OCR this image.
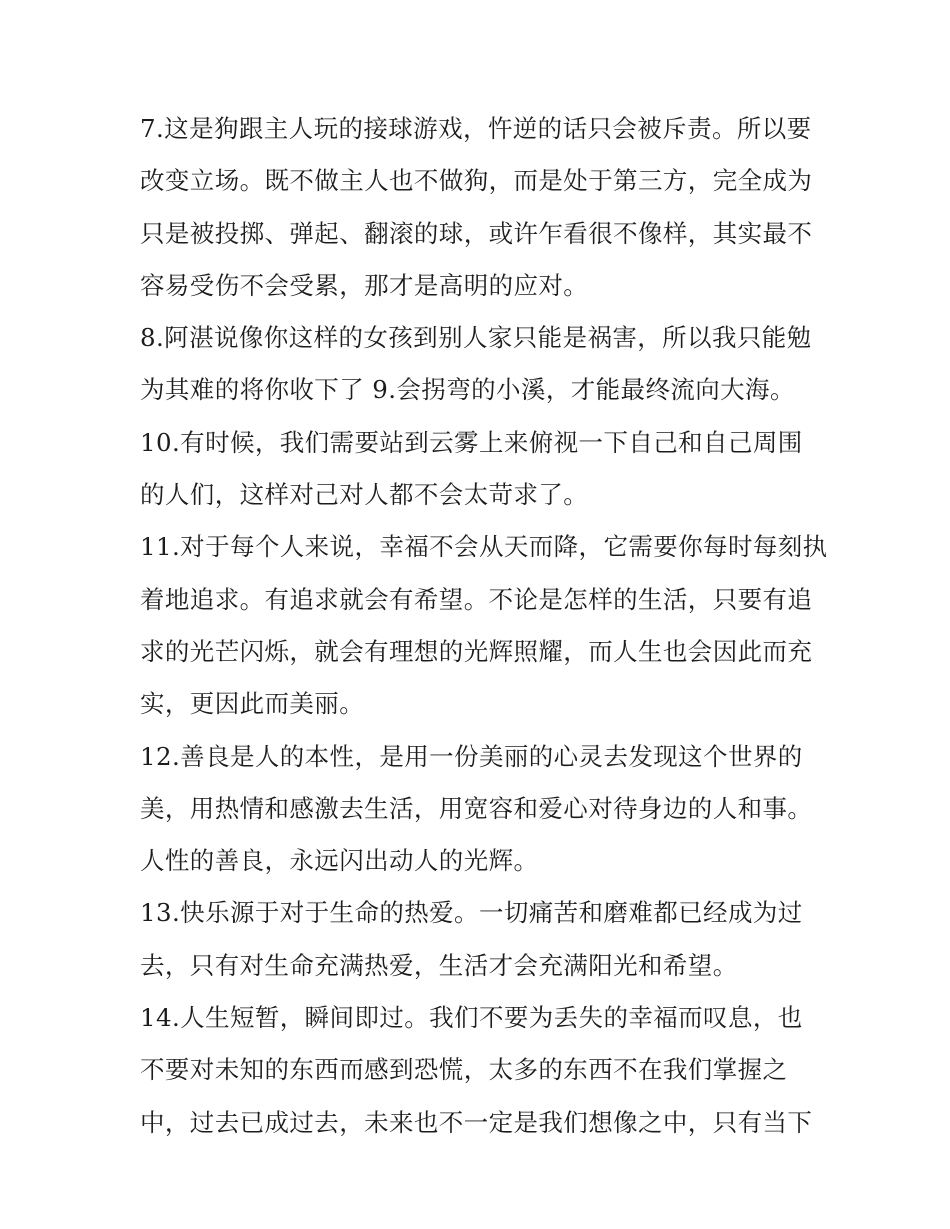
7.这是狗跟主人玩的接球游戏，忤逆的话只会被斥责。所以要
改变立场。既不做主人也不做狗，而是处于第三方，完全成为
只是被投掷、弹起、翻滚的球，或许乍看很不像样，其实最不
容易受伤不会受累，那才是高明的应对。
8.阿湛说像你这样的女孩到别人家只能是祸害，所以我只能勉
为其难的将你收下了 9.会拐弯的小溪，才能最终流向大海。
10.有时候，我们需要站到云雾上来俯视一下自己和自己周围
的人们，这样对己对人都不会太苛求了。
11.对于每个人来说，幸福不会从天而降，它需要你每时每刻执
着地追求。有追求就会有希望。不论是怎样的生活，只要有追
求的光芒闪烁，就会有理想的光辉照耀，而人生也会因此而充
实，更因此而美丽。
12.善良是人的本性，是用一份美丽的心灵去发现这个世界的
美，用热情和感激去生活，用宽容和爱心对待身边的人和事。
人性的善良，永远闪出动人的光辉。
13.快乐源于对于生命的热爱。一切痛苦和磨难都已经成为过
去，只有对生命充满热爱，生活才会充满阳光和希望。
14.人生短暂，瞬间即过。我们不要为丢失的幸福而叹息，也
不要对未知的东西而感到恐慌，太多的东西不在我们掌握之
中，过去已成过去，未来也不一定是我们想像之中，只有当下
